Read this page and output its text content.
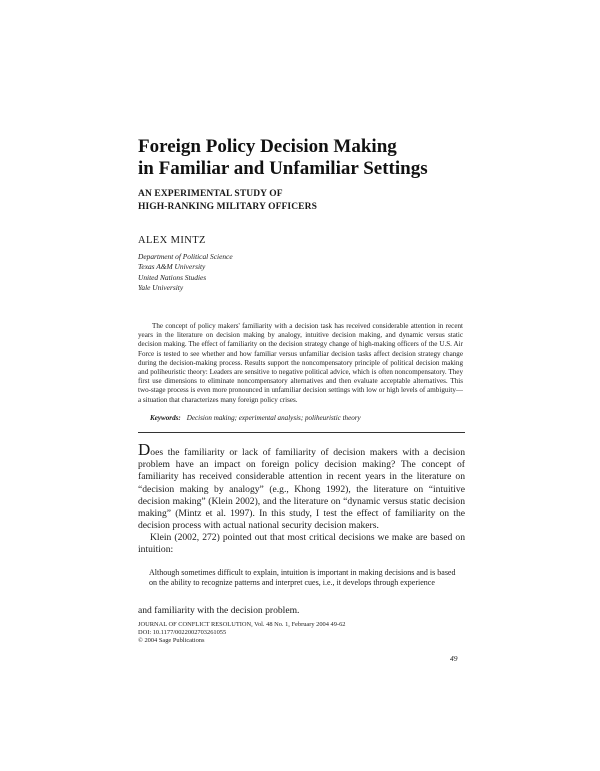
Foreign Policy Decision Making
in Familiar and Unfamiliar Settings
AN EXPERIMENTAL STUDY OF
HIGH-RANKING MILITARY OFFICERS
ALEX MINTZ
Department of Political Science
Texas A&M University
United Nations Studies
Yale University
The concept of policy makers' familiarity with a decision task has received considerable attention in recent years in the literature on decision making by analogy, intuitive decision making, and dynamic versus static decision making. The effect of familiarity on the decision strategy change of high-making officers of the U.S. Air Force is tested to see whether and how familiar versus unfamiliar decision tasks affect decision strategy change during the decision-making process. Results support the noncompensatory principle of political decision making and poliheuristic theory: Leaders are sensitive to negative political advice, which is often noncompensatory. They first use dimensions to eliminate noncompensatory alternatives and then evaluate acceptable alternatives. This two-stage process is even more pronounced in unfamiliar decision settings with low or high levels of ambiguity—a situation that characterizes many foreign policy crises.
Keywords: Decision making; experimental analysis; poliheuristic theory
Does the familiarity or lack of familiarity of decision makers with a decision problem have an impact on foreign policy decision making? The concept of familiarity has received considerable attention in recent years in the literature on “decision making by analogy” (e.g., Khong 1992), the literature on “intuitive decision making” (Klein 2002), and the literature on “dynamic versus static decision making” (Mintz et al. 1997). In this study, I test the effect of familiarity on the decision process with actual national security decision makers.
Klein (2002, 272) pointed out that most critical decisions we make are based on intuition:
Although sometimes difficult to explain, intuition is important in making decisions and is based on the ability to recognize patterns and interpret cues, i.e., it develops through experience
and familiarity with the decision problem.
JOURNAL OF CONFLICT RESOLUTION, Vol. 48 No. 1, February 2004 49-62
DOI: 10.1177/0022002703261055
© 2004 Sage Publications
49
